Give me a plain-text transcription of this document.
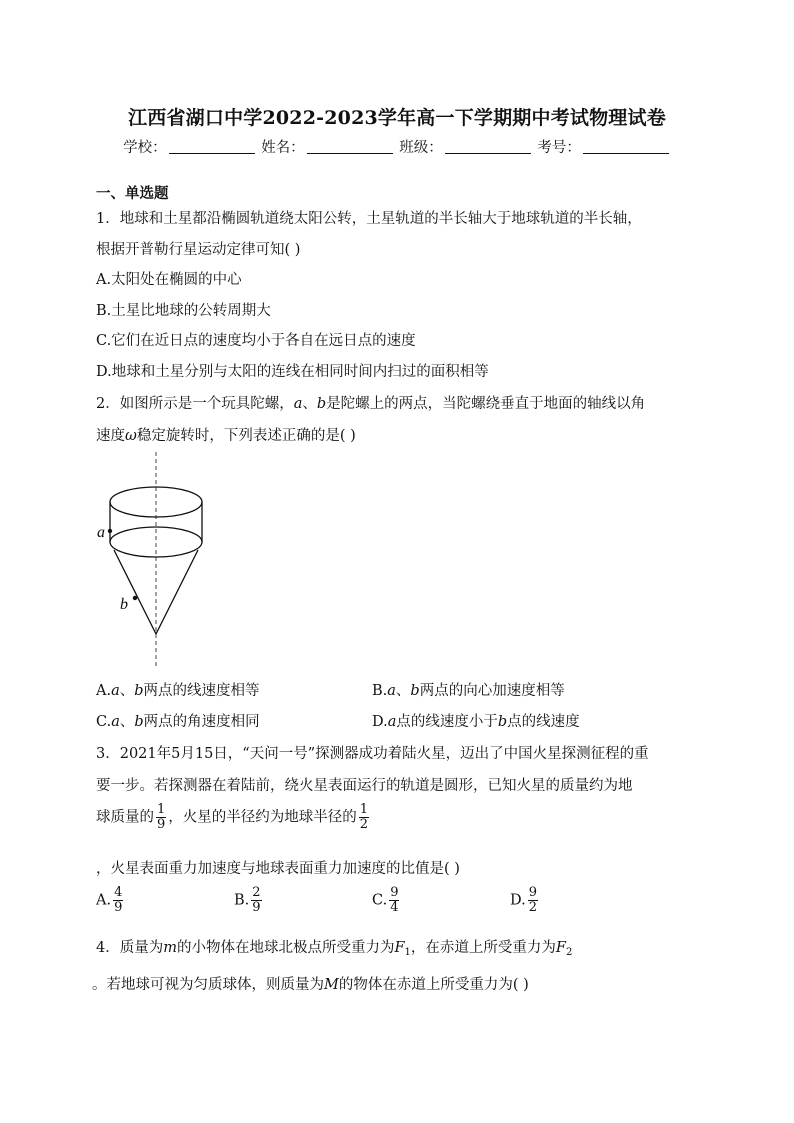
江西省湖口中学2022-2023学年高一下学期期中考试物理试卷
学校：	姓名：	班级：	考号：
一、单选题
1．地球和土星都沿椭圆轨道绕太阳公转，土星轨道的半长轴大于地球轨道的半长轴，
根据开普勒行星运动定律可知( )
A.太阳处在椭圆的中心
B.土星比地球的公转周期大
C.它们在近日点的速度均小于各自在远日点的速度
D.地球和土星分别与太阳的连线在相同时间内扫过的面积相等
2．如图所示是一个玩具陀螺，a、b是陀螺上的两点，当陀螺绕垂直于地面的轴线以角
速度ω稳定旋转时，下列表述正确的是( )
a
b
A.a、b两点的线速度相等	B.a、b两点的向心加速度相等
C.a、b两点的角速度相同	D.a点的线速度小于b点的线速度
3．2021年5月15日，“天问一号”探测器成功着陆火星，迈出了中国火星探测征程的重
要一步。若探测器在着陆前，绕火星表面运行的轨道是圆形，已知火星的质量约为地
球质量的 $\frac{1}{9}$ ，火星的半径约为地球半径的 $\frac{1}{2}$
，火星表面重力加速度与地球表面重力加速度的比值是( )
A. $\frac{4}{9}$	B. $\frac{2}{9}$	C. $\frac{9}{4}$	D. $\frac{9}{2}$
4．质量为m的小物体在地球北极点所受重力为$F_1$，在赤道上所受重力为$F_2$
。若地球可视为匀质球体，则质量为M的物体在赤道上所受重力为( )
